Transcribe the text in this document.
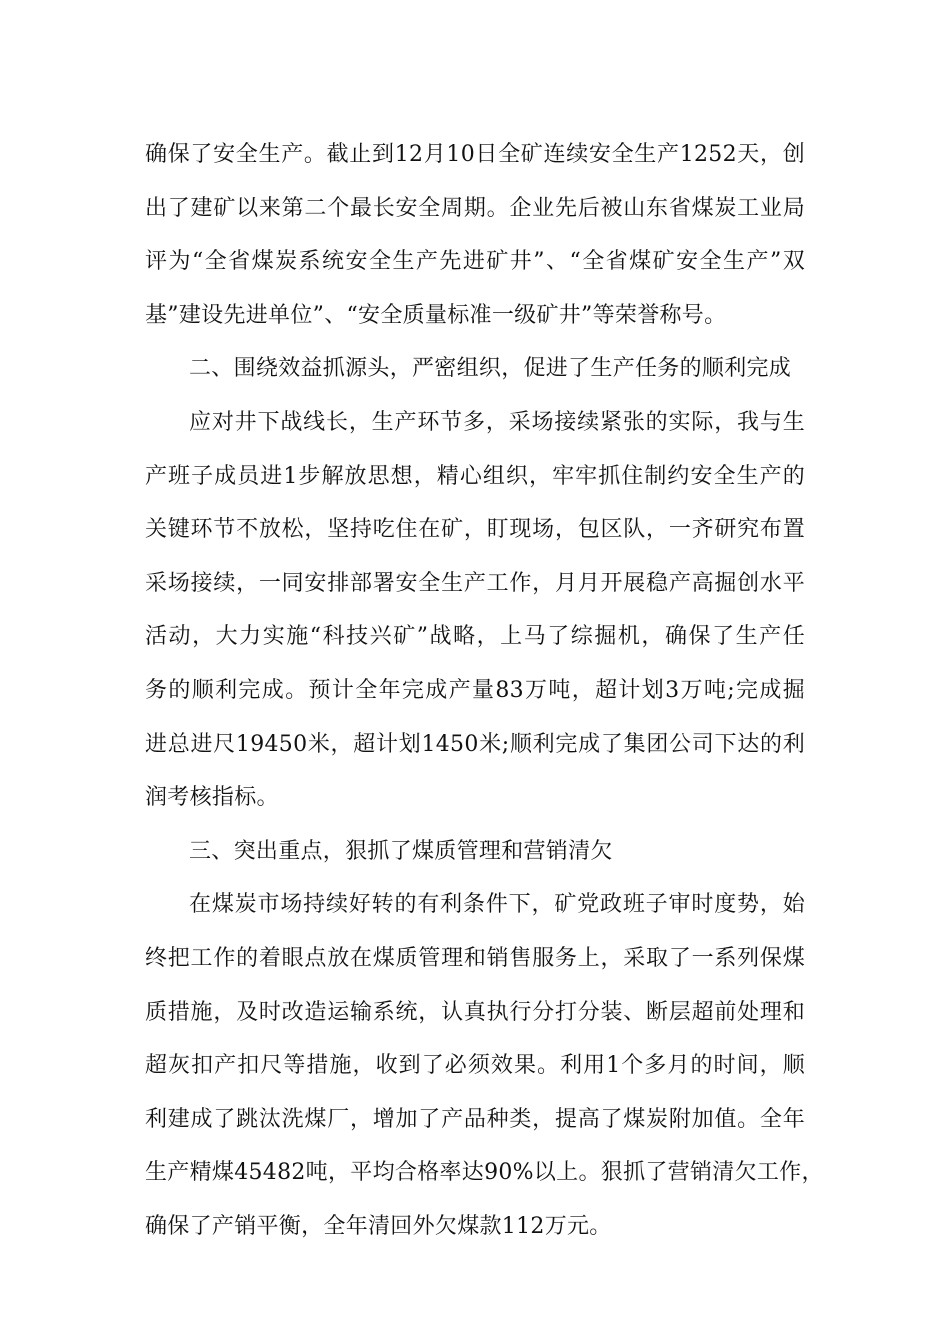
确保了安全生产。截止到12月10日全矿连续安全生产1252天，创
出了建矿以来第二个最长安全周期。企业先后被山东省煤炭工业局
评为“全省煤炭系统安全生产先进矿井”、“全省煤矿安全生产”双
基”建设先进单位”、“安全质量标准一级矿井”等荣誉称号。
二、围绕效益抓源头，严密组织，促进了生产任务的顺利完成
应对井下战线长，生产环节多，采场接续紧张的实际，我与生
产班子成员进1步解放思想，精心组织，牢牢抓住制约安全生产的
关键环节不放松，坚持吃住在矿，盯现场，包区队，一齐研究布置
采场接续，一同安排部署安全生产工作，月月开展稳产高掘创水平
活动，大力实施“科技兴矿”战略，上马了综掘机，确保了生产任
务的顺利完成。预计全年完成产量83万吨，超计划3万吨;完成掘
进总进尺19450米，超计划1450米;顺利完成了集团公司下达的利
润考核指标。
三、突出重点，狠抓了煤质管理和营销清欠
在煤炭市场持续好转的有利条件下，矿党政班子审时度势，始
终把工作的着眼点放在煤质管理和销售服务上，采取了一系列保煤
质措施，及时改造运输系统，认真执行分打分装、断层超前处理和
超灰扣产扣尺等措施，收到了必须效果。利用1个多月的时间，顺
利建成了跳汰洗煤厂，增加了产品种类，提高了煤炭附加值。全年
生产精煤45482吨，平均合格率达90%以上。狠抓了营销清欠工作，
确保了产销平衡，全年清回外欠煤款112万元。
